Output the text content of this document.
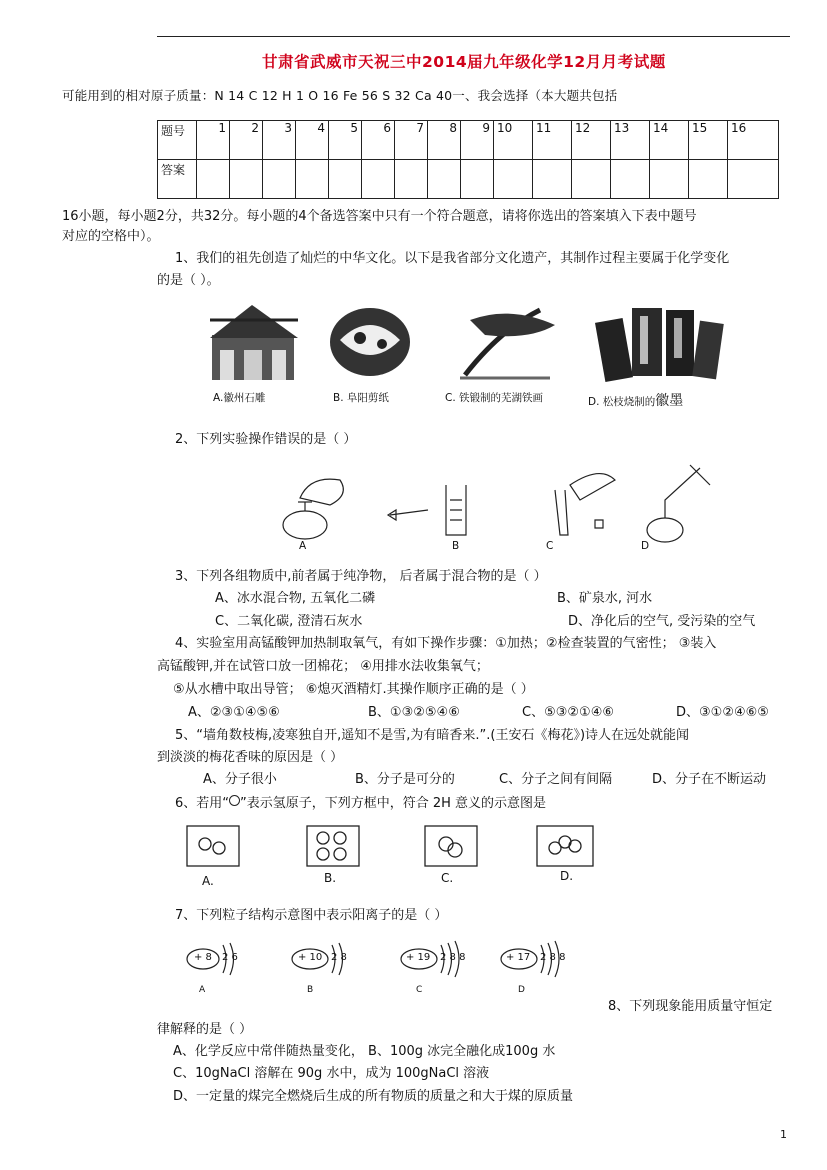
甘肃省武威市天祝三中2014届九年级化学12月月考试题
可能用到的相对原子质量：N 14 C 12 H 1 O 16 Fe 56 S 32 Ca 40一、我会选择（本大题共包括
题号	1	2	3	4	5	6	7	8	9	10	11	12	13	14	15	16
答案																
16小题，每小题2分，共32分。每小题的4个备选答案中只有一个符合题意，请将你选出的答案填入下表中题号
对应的空格中）。
1、我们的祖先创造了灿烂的中华文化。以下是我省部分文化遗产，其制作过程主要属于化学变化
的是（ ）。
A.徽州石雕	B. 阜阳剪纸	C. 铁锻制的芜湖铁画	D. 松枝烧制的徽墨
2、下列实验操作错误的是（ ）
A	B	C	D
3、下列各组物质中,前者属于纯净物， 后者属于混合物的是（ ）
A、冰水混合物, 五氧化二磷	B、矿泉水, 河水
C、二氧化碳, 澄清石灰水	D、净化后的空气, 受污染的空气
4、实验室用高锰酸钾加热制取氧气，有如下操作步骤：①加热；②检查装置的气密性； ③装入
高锰酸钾,并在试管口放一团棉花； ④用排水法收集氧气；
⑤从水槽中取出导管； ⑥熄灭酒精灯.其操作顺序正确的是（ ）
A、②③①④⑤⑥	B、①③②⑤④⑥	C、⑤③②①④⑥	D、③①②④⑥⑤
5、“墙角数枝梅,凌寒独自开,遥知不是雪,为有暗香来.”.(王安石《梅花》)诗人在远处就能闻
到淡淡的梅花香味的原因是（ ）
A、分子很小	B、分子是可分的	C、分子之间有间隔	D、分子在不断运动
6、若用“ ”表示氢原子，下列方框中，符合 2H 意义的示意图是
A.	B.	C.	D.
7、下列粒子结构示意图中表示阳离子的是（ ）
+ 8 2 6	+ 10 2 8	+ 19 2 8 8	+ 17 2 8 8
A	B	C	D
8、下列现象能用质量守恒定
律解释的是（ ）
A、化学反应中常伴随热量变化， B、100g 冰完全融化成100g 水
C、10gNaCl 溶解在 90g 水中，成为 100gNaCl 溶液
D、一定量的煤完全燃烧后生成的所有物质的质量之和大于煤的原质量
1
